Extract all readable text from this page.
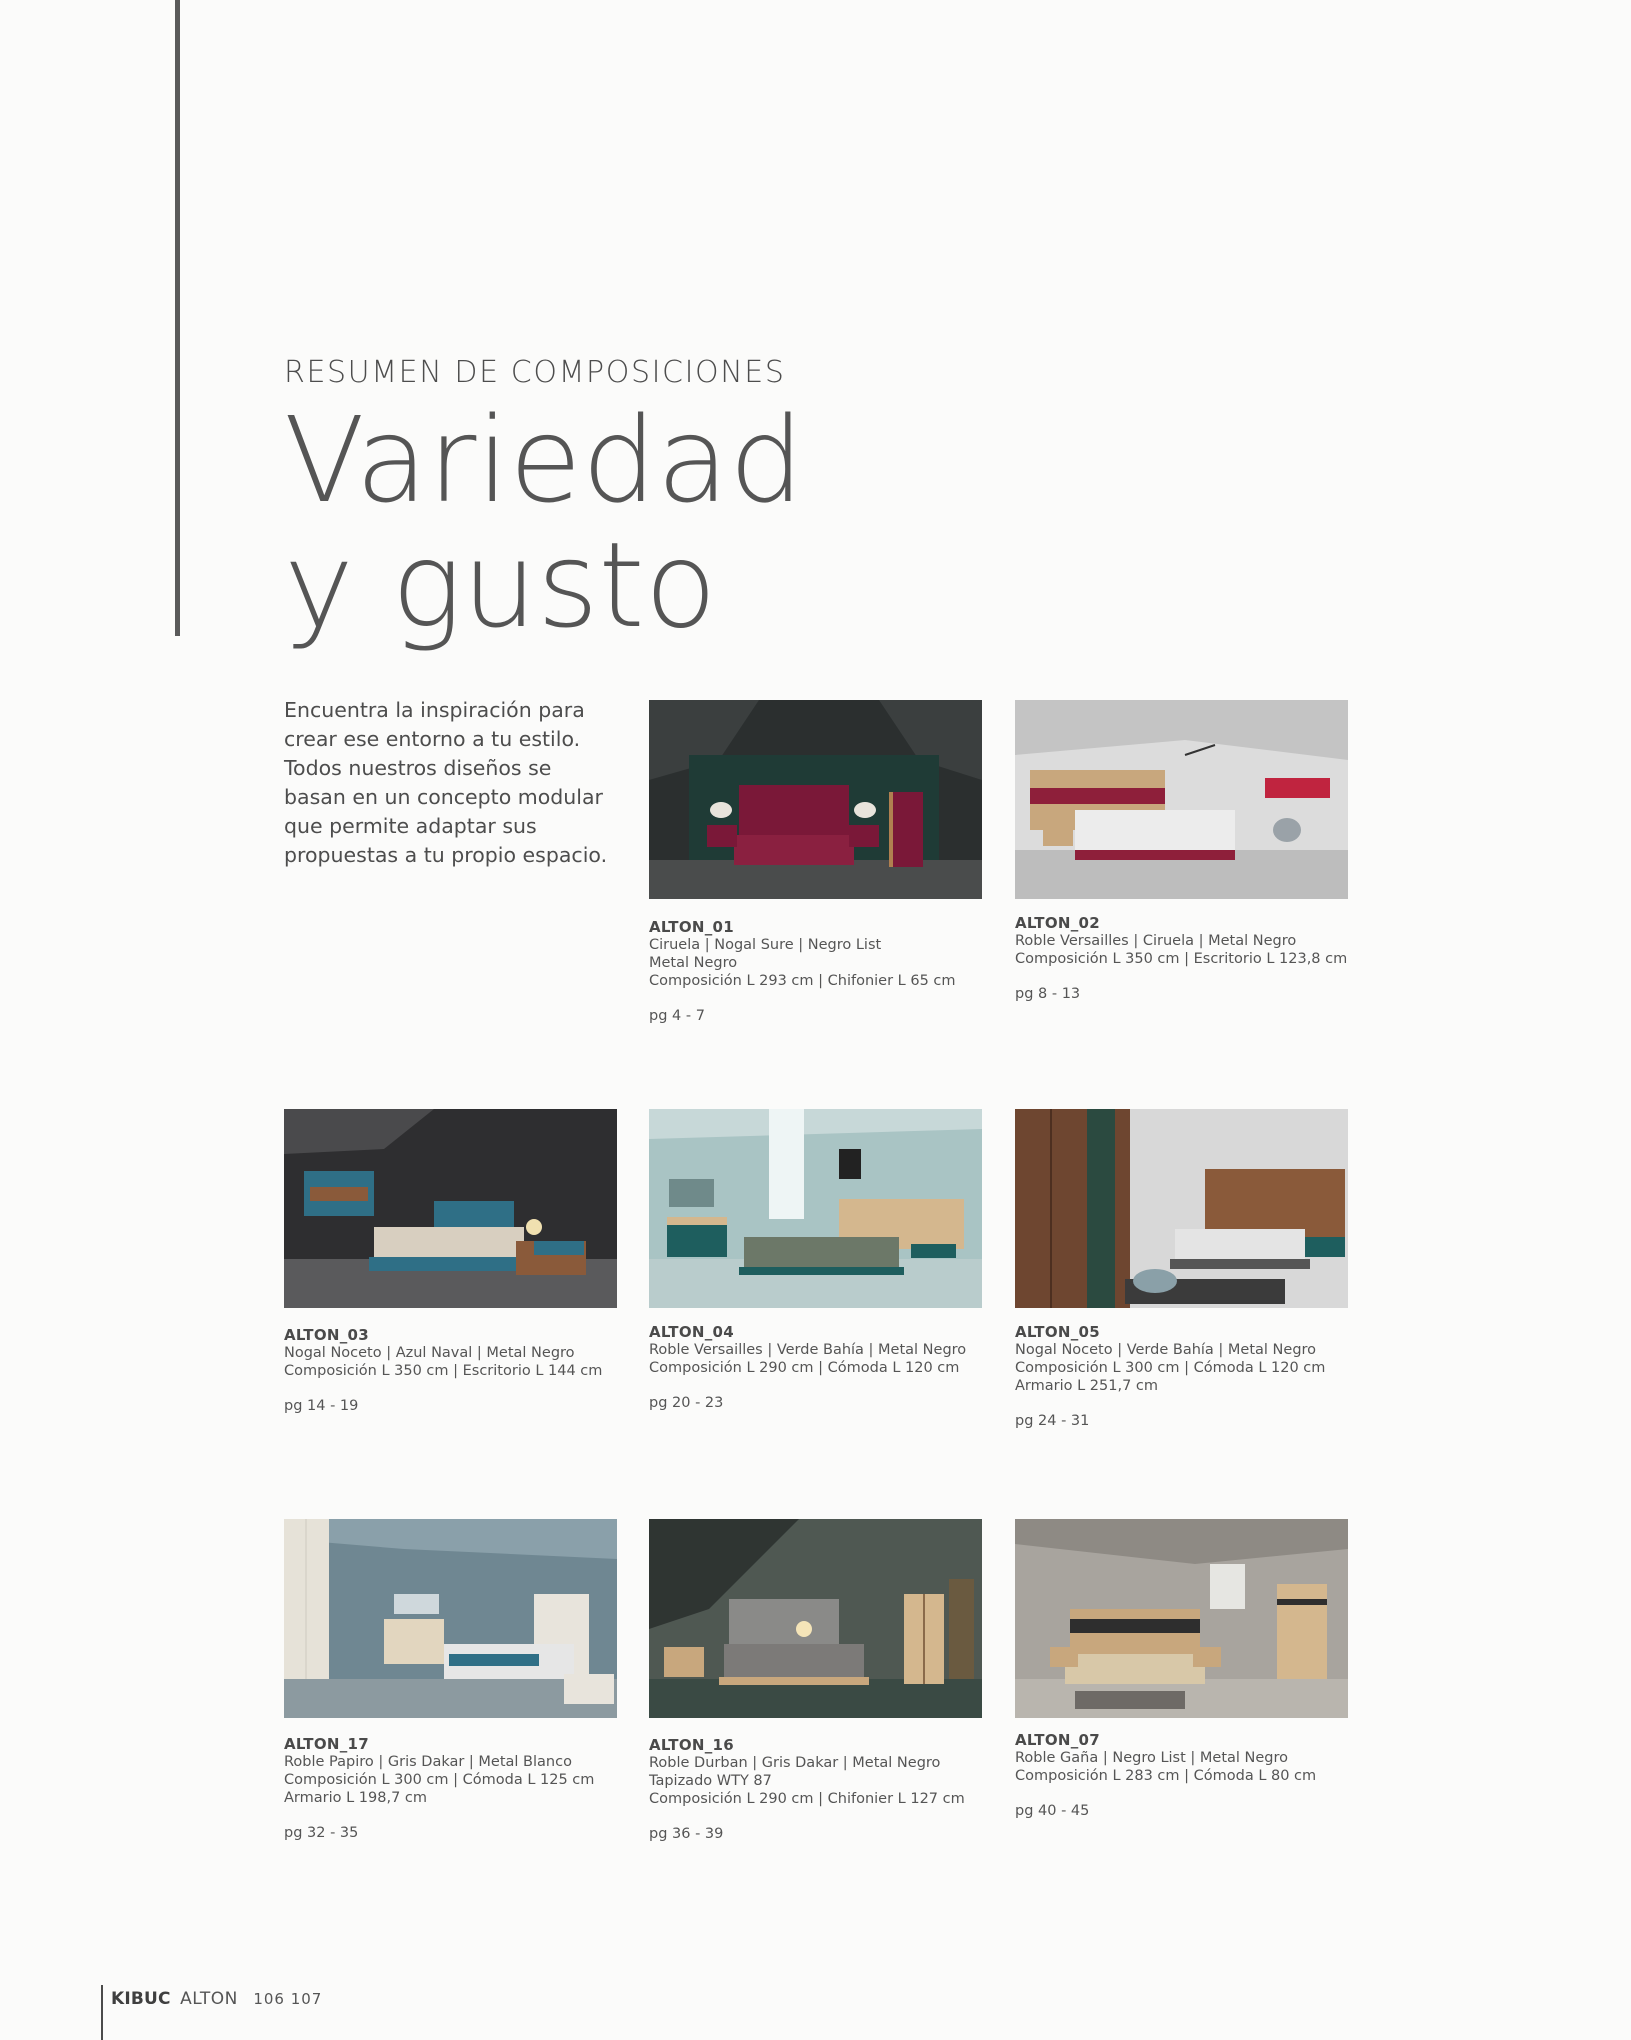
RESUMEN DE COMPOSICIONES
Variedad
y gusto

Encuentra la inspiración para

crear ese entorno a tu estilo.

Todos nuestros diseños se

basan en un concepto modular

que permite adaptar sus

propuestas a tu propio espacio.

ALTON_01
Ciruela | Nogal Sure | Negro List
Metal Negro
Composición L 293 cm | Chifonier L 65 cm
pg 4 - 7
ALTON_02
Roble Versailles | Ciruela | Metal Negro
Composición L 350 cm | Escritorio L 123,8 cm
pg 8 - 13
ALTON_03
Nogal Noceto | Azul Naval | Metal Negro
Composición L 350 cm | Escritorio L 144 cm
pg 14 - 19
ALTON_04
Roble Versailles | Verde Bahía | Metal Negro
Composición L 290 cm | Cómoda L 120 cm
pg 20 - 23
ALTON_05
Nogal Noceto | Verde Bahía | Metal Negro
Composición L 300 cm | Cómoda L 120 cm
Armario L 251,7 cm
pg 24 - 31
ALTON_17
Roble Papiro | Gris Dakar | Metal Blanco
Composición L 300 cm | Cómoda L 125 cm
Armario L 198,7 cm
pg 32 - 35
ALTON_16
Roble Durban | Gris Dakar | Metal Negro
Tapizado WTY 87
Composición L 290 cm | Chifonier L 127 cm
pg 36 - 39
ALTON_07
Roble Gaña | Negro List | Metal Negro
Composición L 283 cm | Cómoda L 80 cm
pg 40 - 45
KIBUC ALTON 106 107
